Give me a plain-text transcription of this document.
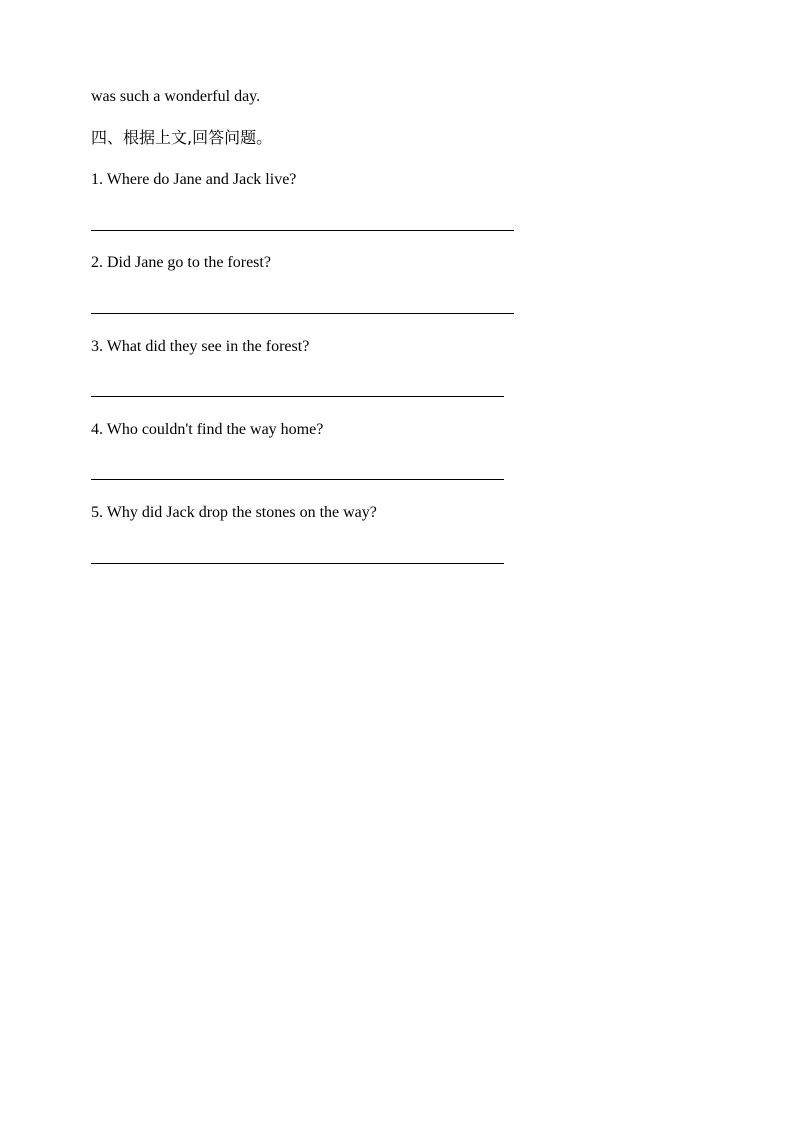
was such a wonderful day.
四、根据上文,回答问题。
1. Where do Jane and Jack live?
2. Did Jane go to the forest?
3. What did they see in the forest?
4. Who couldn't find the way home?
5. Why did Jack drop the stones on the way?
